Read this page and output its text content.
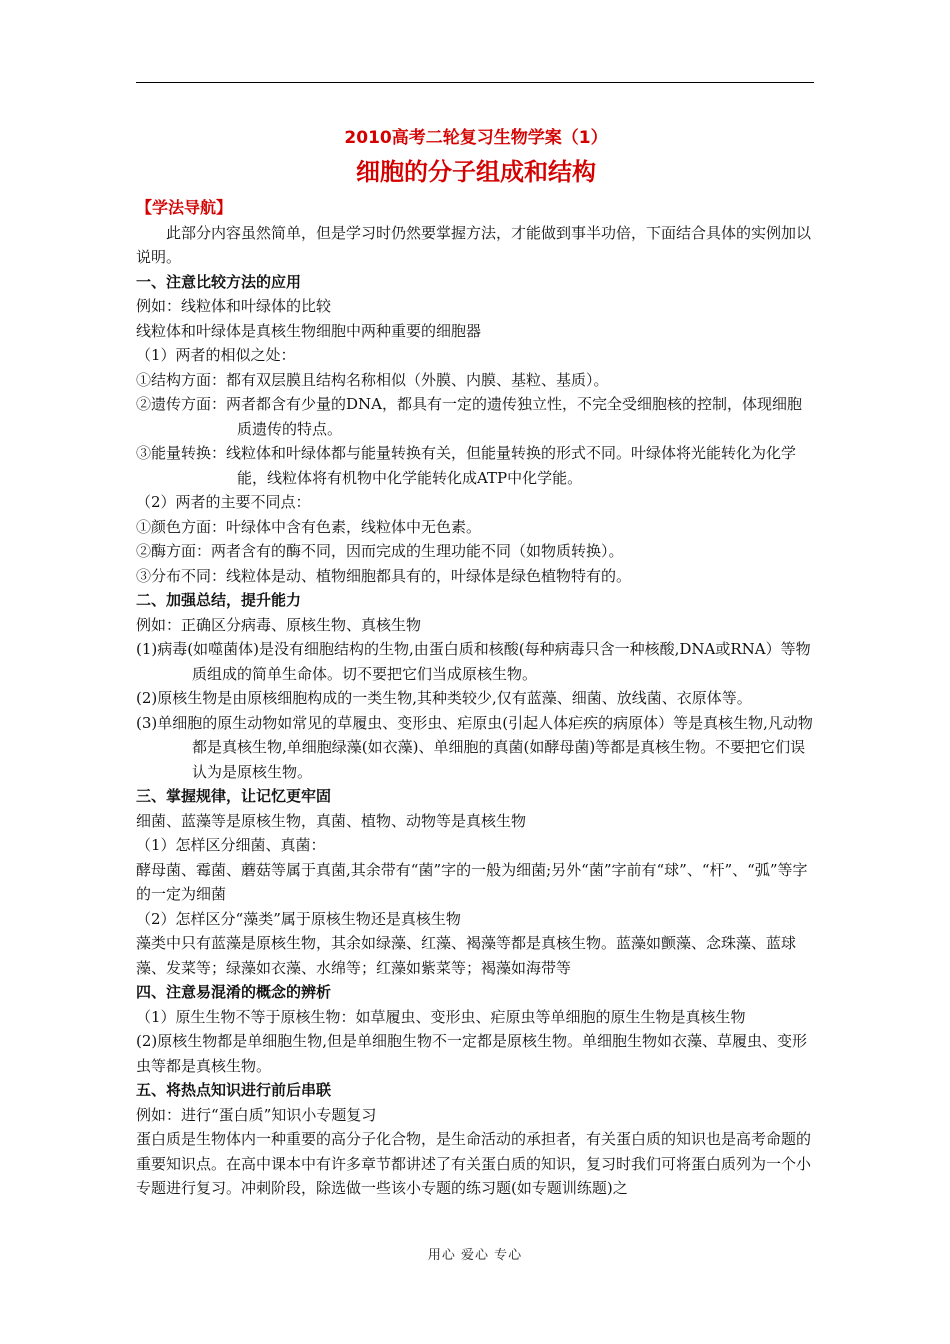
2010高考二轮复习生物学案（1）

细胞的分子组成和结构

【学法导航】

此部分内容虽然简单，但是学习时仍然要掌握方法，才能做到事半功倍，下面结合具体的实例加以说明。

一、注意比较方法的应用

例如：线粒体和叶绿体的比较

线粒体和叶绿体是真核生物细胞中两种重要的细胞器

（1）两者的相似之处：

①结构方面：都有双层膜且结构名称相似（外膜、内膜、基粒、基质）。

②遗传方面：两者都含有少量的DNA，都具有一定的遗传独立性，不完全受细胞核的控制，体现细胞质遗传的特点。

③能量转换：线粒体和叶绿体都与能量转换有关，但能量转换的形式不同。叶绿体将光能转化为化学能，线粒体将有机物中化学能转化成ATP中化学能。

（2）两者的主要不同点：

①颜色方面：叶绿体中含有色素，线粒体中无色素。

②酶方面：两者含有的酶不同，因而完成的生理功能不同（如物质转换）。

③分布不同：线粒体是动、植物细胞都具有的，叶绿体是绿色植物特有的。

二、加强总结，提升能力

例如：正确区分病毒、原核生物、真核生物

(1)病毒(如噬菌体)是没有细胞结构的生物,由蛋白质和核酸(每种病毒只含一种核酸,DNA或RNA）等物质组成的简单生命体。切不要把它们当成原核生物。

(2)原核生物是由原核细胞构成的一类生物,其种类较少,仅有蓝藻、细菌、放线菌、衣原体等。

(3)单细胞的原生动物如常见的草履虫、变形虫、疟原虫(引起人体疟疾的病原体）等是真核生物,凡动物都是真核生物,单细胞绿藻(如衣藻)、单细胞的真菌(如酵母菌)等都是真核生物。不要把它们误认为是原核生物。

三、掌握规律，让记忆更牢固

细菌、蓝藻等是原核生物，真菌、植物、动物等是真核生物

（1）怎样区分细菌、真菌：

酵母菌、霉菌、蘑菇等属于真菌,其余带有“菌”字的一般为细菌;另外“菌”字前有“球”、“杆”、“弧”等字的一定为细菌

（2）怎样区分“藻类”属于原核生物还是真核生物

藻类中只有蓝藻是原核生物，其余如绿藻、红藻、褐藻等都是真核生物。蓝藻如颤藻、念珠藻、蓝球藻、发菜等；绿藻如衣藻、水绵等；红藻如紫菜等；褐藻如海带等

四、注意易混淆的概念的辨析

（1）原生生物不等于原核生物：如草履虫、变形虫、疟原虫等单细胞的原生生物是真核生物

(2)原核生物都是单细胞生物,但是单细胞生物不一定都是原核生物。单细胞生物如衣藻、草履虫、变形虫等都是真核生物。

五、将热点知识进行前后串联

例如：进行“蛋白质”知识小专题复习

蛋白质是生物体内一种重要的高分子化合物，是生命活动的承担者，有关蛋白质的知识也是高考命题的重要知识点。在高中课本中有许多章节都讲述了有关蛋白质的知识，复习时我们可将蛋白质列为一个小专题进行复习。冲刺阶段，除选做一些该小专题的练习题(如专题训练题)之

用心 爱心 专心
